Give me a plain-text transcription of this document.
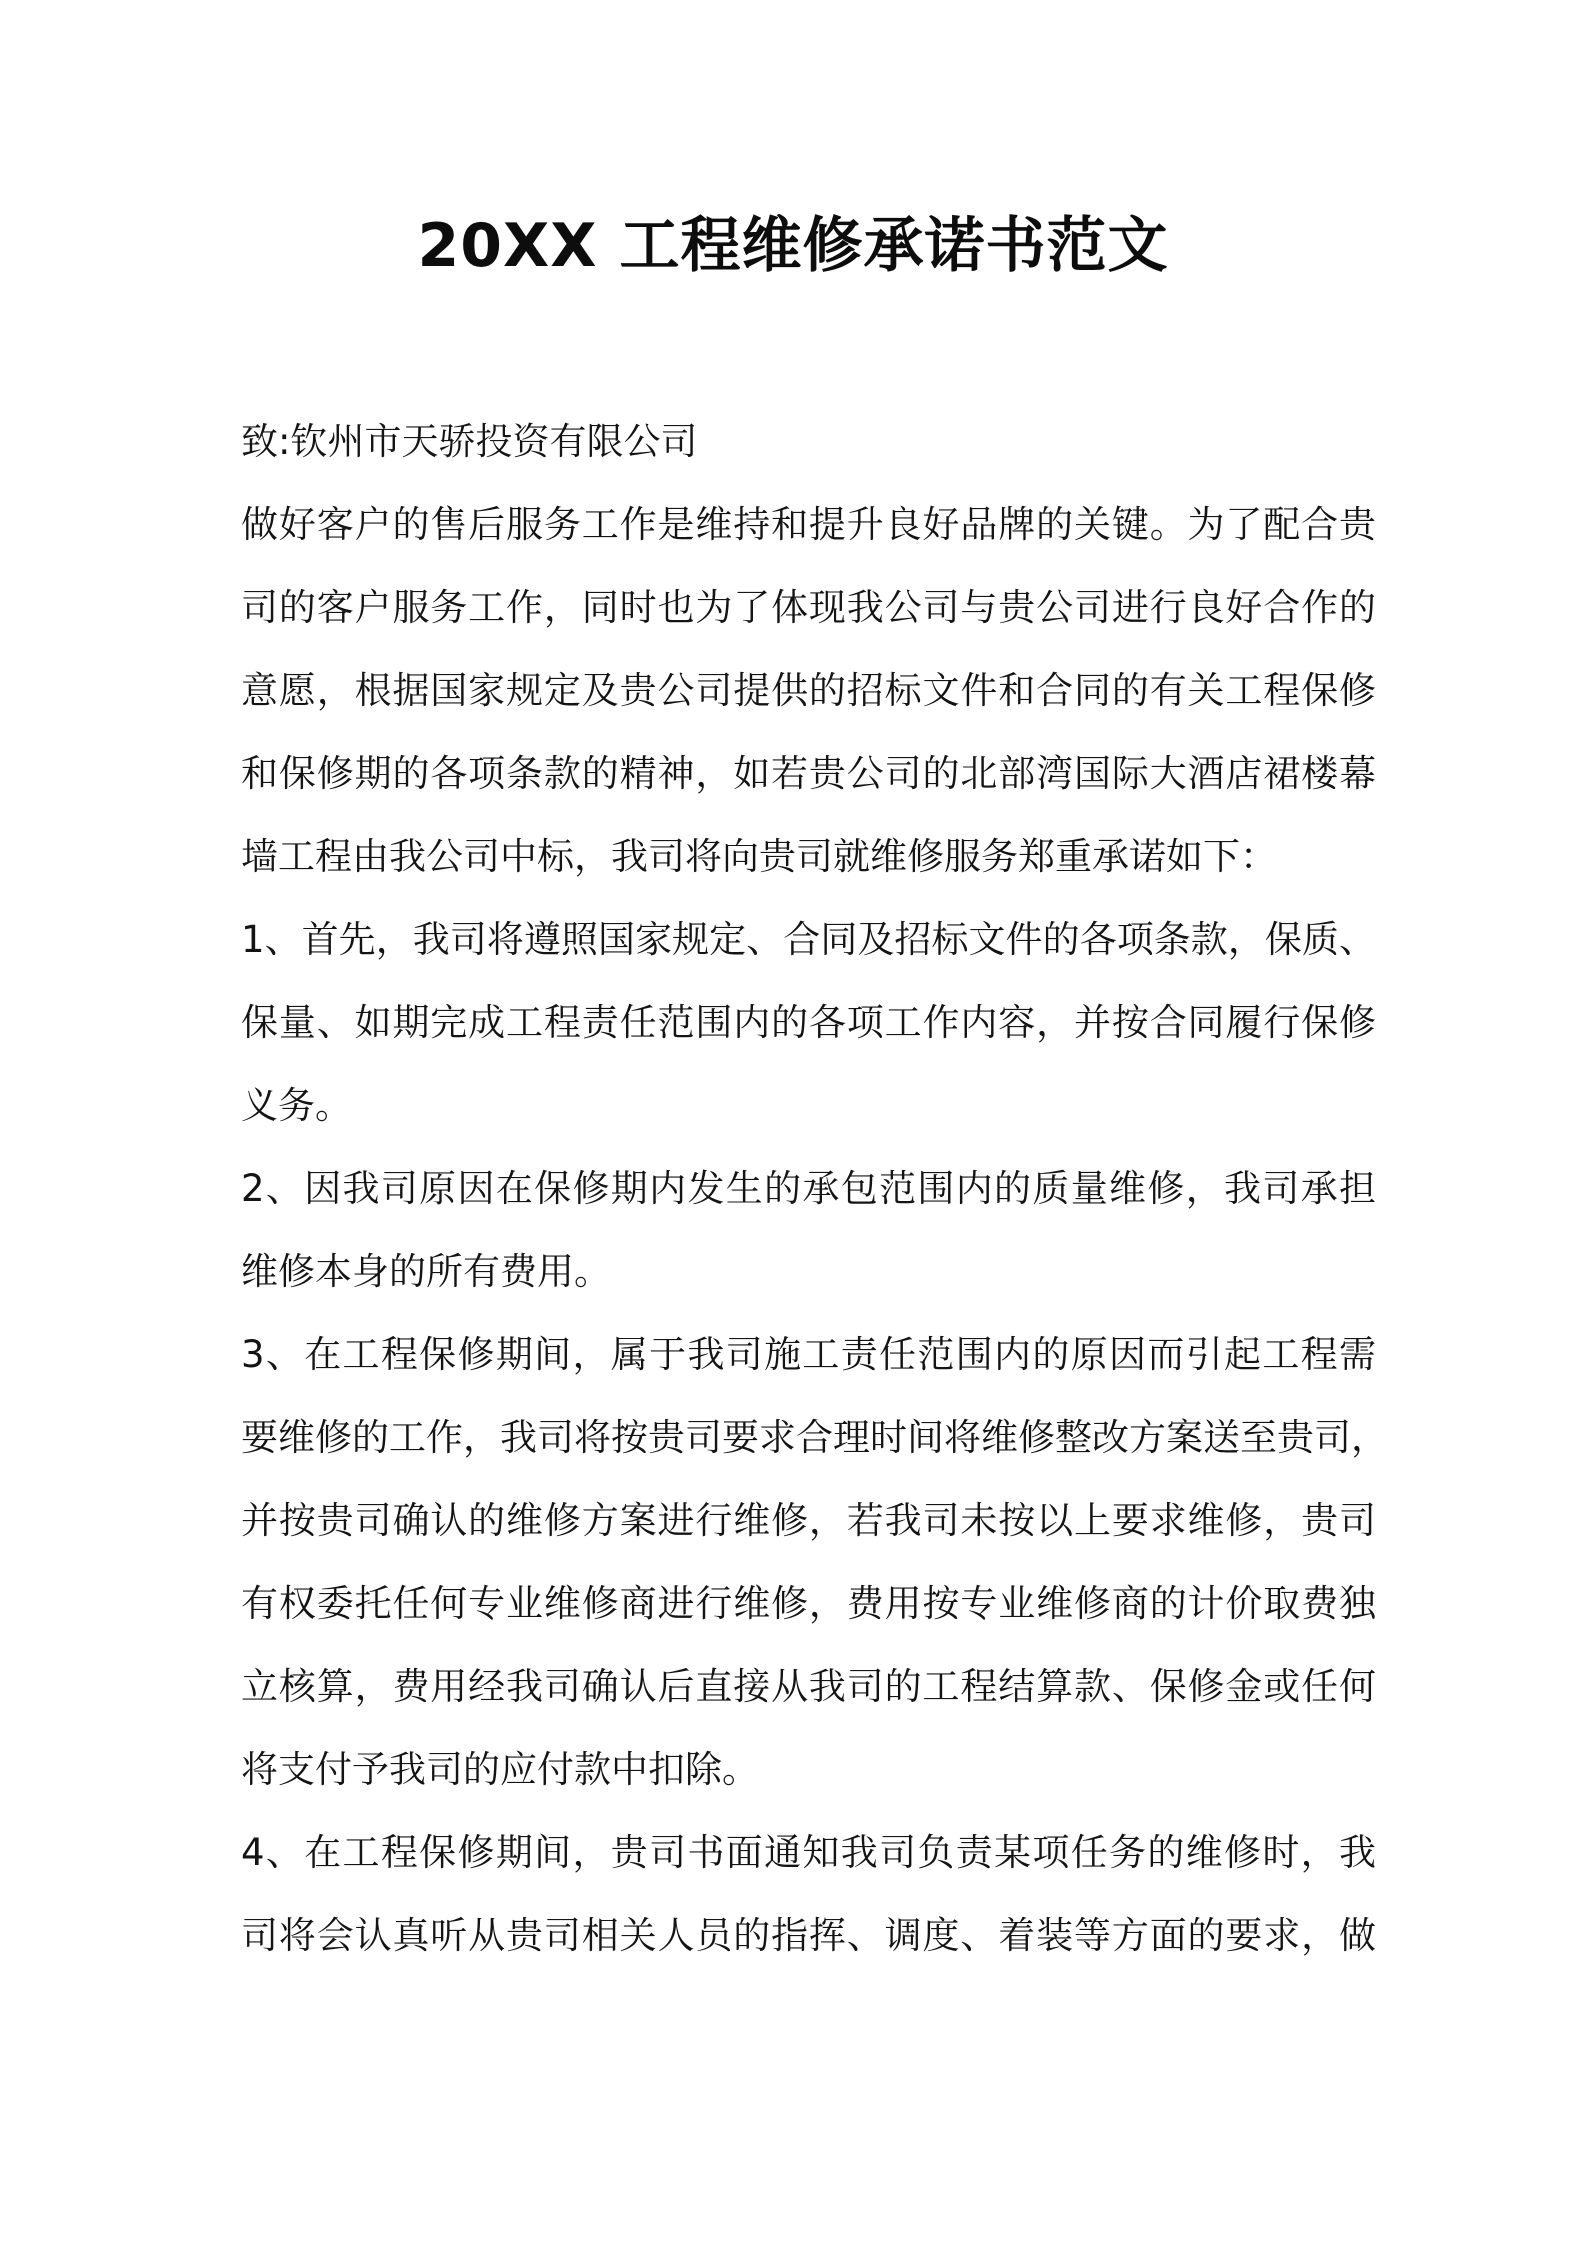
20XX 工程维修承诺书范文
致:钦州市天骄投资有限公司
做好客户的售后服务工作是维持和提升良好品牌的关键。为了配合贵
司的客户服务工作，同时也为了体现我公司与贵公司进行良好合作的
意愿，根据国家规定及贵公司提供的招标文件和合同的有关工程保修
和保修期的各项条款的精神，如若贵公司的北部湾国际大酒店裙楼幕
墙工程由我公司中标，我司将向贵司就维修服务郑重承诺如下：
1、首先，我司将遵照国家规定、合同及招标文件的各项条款，保质、
保量、如期完成工程责任范围内的各项工作内容，并按合同履行保修
义务。
2、因我司原因在保修期内发生的承包范围内的质量维修，我司承担
维修本身的所有费用。
3、在工程保修期间，属于我司施工责任范围内的原因而引起工程需
要维修的工作，我司将按贵司要求合理时间将维修整改方案送至贵司，
并按贵司确认的维修方案进行维修，若我司未按以上要求维修，贵司
有权委托任何专业维修商进行维修，费用按专业维修商的计价取费独
立核算，费用经我司确认后直接从我司的工程结算款、保修金或任何
将支付予我司的应付款中扣除。
4、在工程保修期间，贵司书面通知我司负责某项任务的维修时，我
司将会认真听从贵司相关人员的指挥、调度、着装等方面的要求，做
